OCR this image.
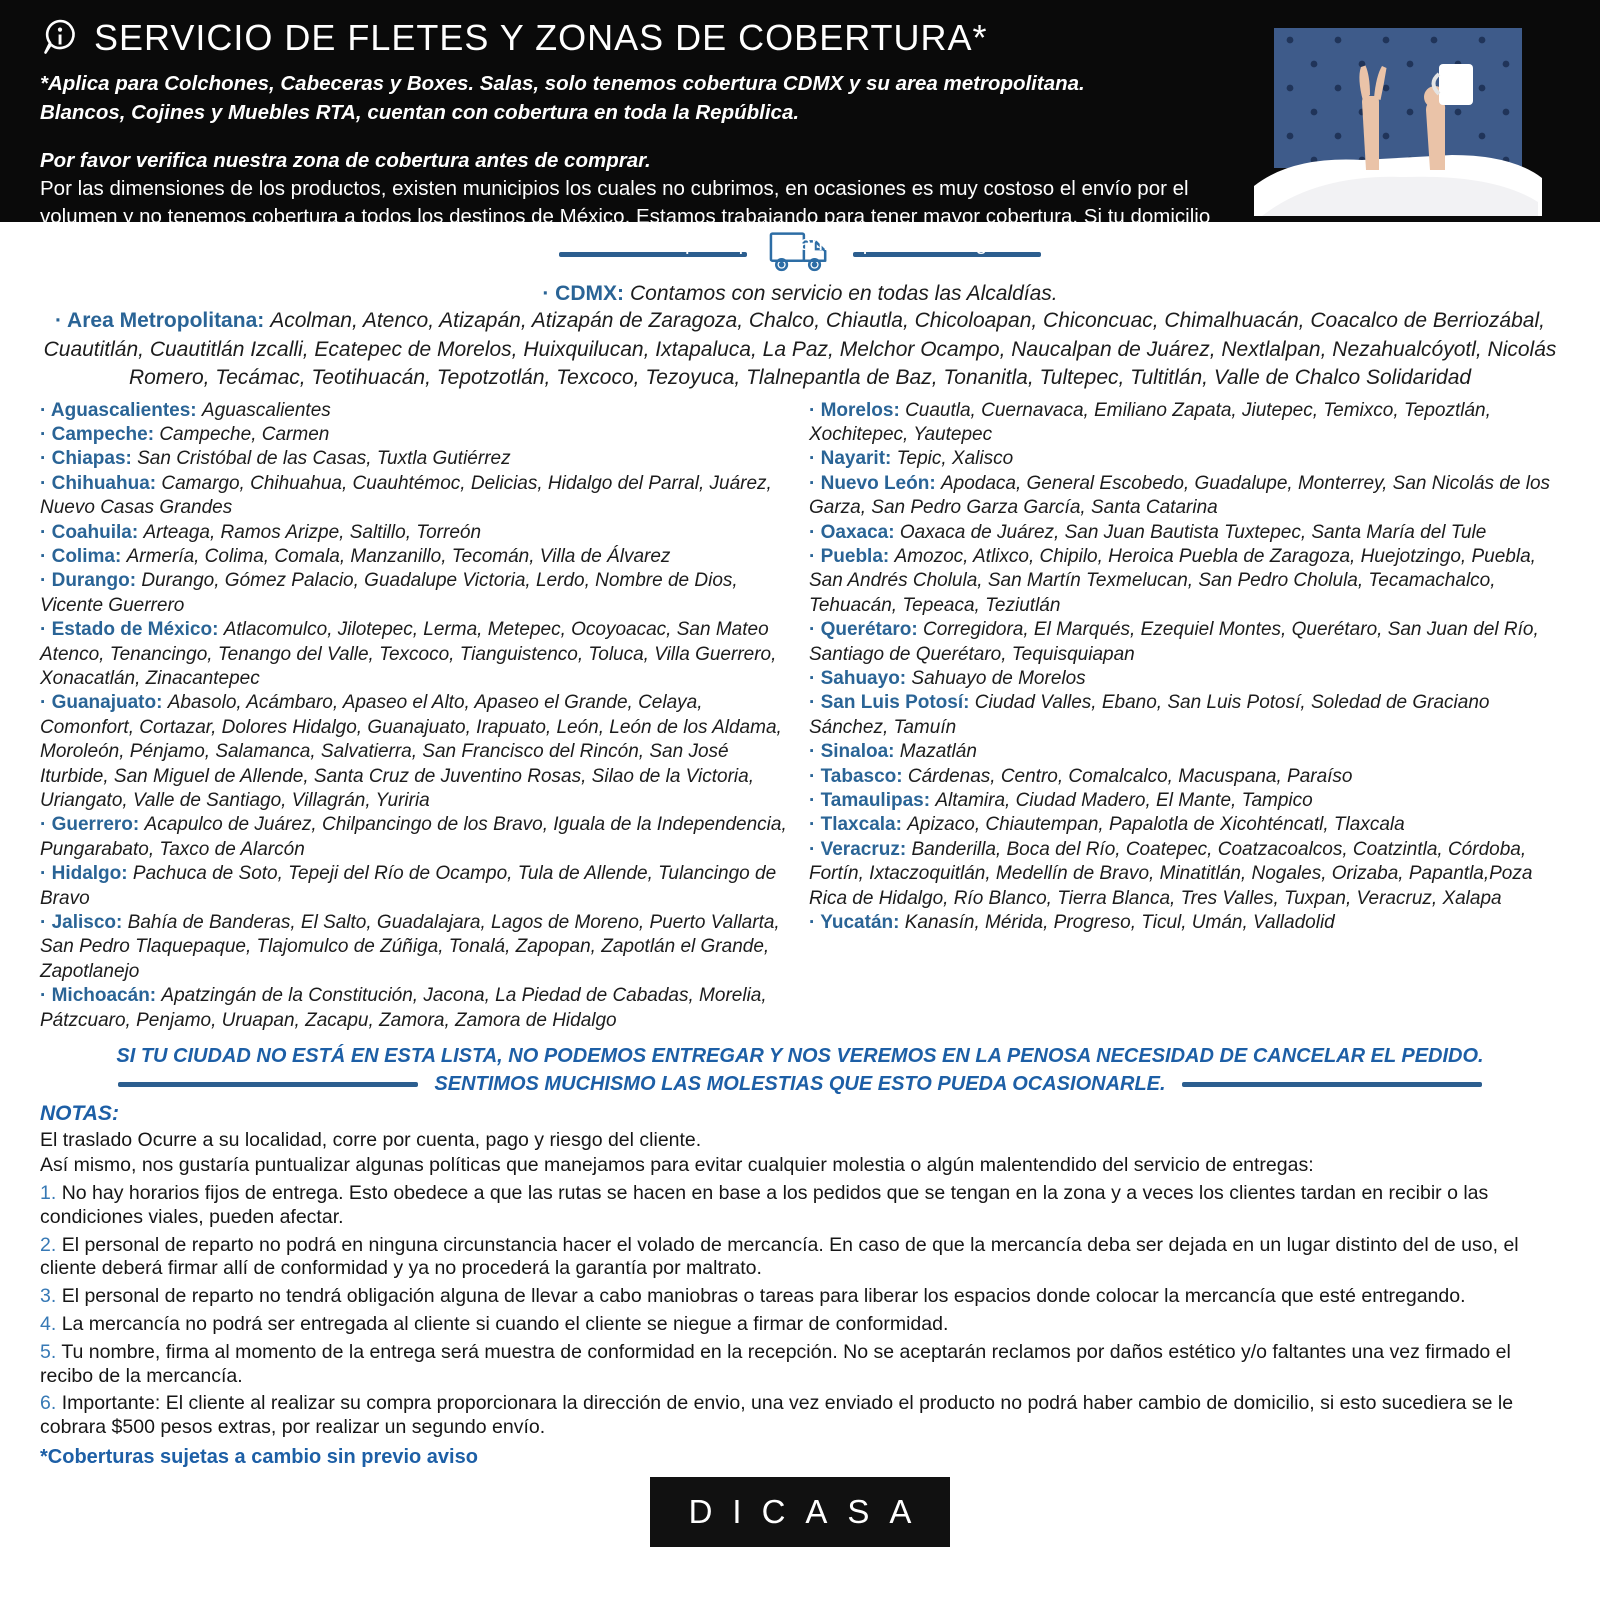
SERVICIO DE FLETES Y ZONAS DE COBERTURA*

*Aplica para Colchones, Cabeceras y Boxes. Salas, solo tenemos cobertura CDMX y su area metropolitana.

Blancos, Cojines y Muebles RTA, cuentan con cobertura en toda la República.

Por favor verifica nuestra zona de cobertura antes de comprar.

Por las dimensiones de los productos, existen municipios los cuales no cubrimos, en ocasiones es muy costoso el envío por el volumen y no tenemos cobertura a todos los destinos de México. Estamos trabajando para tener mayor cobertura. Si tu domicilio no se encuentra en la lista, lo podemos llevar a la ciudad más cercana para que de ahí, tú puedas recoger la mercancía. Esto se llama servicio Ocurre.

· CDMX: Contamos con servicio en todas las Alcaldías.

· Area Metropolitana: Acolman, Atenco, Atizapán, Atizapán de Zaragoza, Chalco, Chiautla, Chicoloapan, Chiconcuac, Chimalhuacán, Coacalco de Berriozábal, Cuautitlán, Cuautitlán Izcalli, Ecatepec de Morelos, Huixquilucan, Ixtapaluca, La Paz, Melchor Ocampo, Naucalpan de Juárez, Nextlalpan, Nezahualcóyotl, Nicolás Romero, Tecámac, Teotihuacán, Tepotzotlán, Texcoco, Tezoyuca, Tlalnepantla de Baz, Tonanitla, Tultepec, Tultitlán, Valle de Chalco Solidaridad

· Aguascalientes: Aguascalientes
· Campeche: Campeche, Carmen
· Chiapas: San Cristóbal de las Casas, Tuxtla Gutiérrez
· Chihuahua: Camargo, Chihuahua, Cuauhtémoc, Delicias, Hidalgo del Parral, Juárez, Nuevo Casas Grandes
· Coahuila: Arteaga, Ramos Arizpe, Saltillo, Torreón
· Colima: Armería, Colima, Comala, Manzanillo, Tecomán, Villa de Álvarez
· Durango: Durango, Gómez Palacio, Guadalupe Victoria, Lerdo, Nombre de Dios, Vicente Guerrero
· Estado de México: Atlacomulco, Jilotepec, Lerma, Metepec, Ocoyoacac, San Mateo Atenco, Tenancingo, Tenango del Valle, Texcoco, Tianguistenco, Toluca, Villa Guerrero, Xonacatlán, Zinacantepec
· Guanajuato: Abasolo, Acámbaro, Apaseo el Alto, Apaseo el Grande, Celaya, Comonfort, Cortazar, Dolores Hidalgo, Guanajuato, Irapuato, León, León de los Aldama, Moroleón, Pénjamo, Salamanca, Salvatierra, San Francisco del Rincón, San José Iturbide, San Miguel de Allende, Santa Cruz de Juventino Rosas, Silao de la Victoria, Uriangato, Valle de Santiago, Villagrán, Yuriria
· Guerrero: Acapulco de Juárez, Chilpancingo de los Bravo, Iguala de la Independencia, Pungarabato, Taxco de Alarcón
· Hidalgo: Pachuca de Soto, Tepeji del Río de Ocampo, Tula de Allende, Tulancingo de Bravo
· Jalisco: Bahía de Banderas, El Salto, Guadalajara, Lagos de Moreno, Puerto Vallarta, San Pedro Tlaquepaque, Tlajomulco de Zúñiga, Tonalá, Zapopan, Zapotlán el Grande, Zapotlanejo
· Michoacán: Apatzingán de la Constitución, Jacona, La Piedad de Cabadas, Morelia, Pátzcuaro, Penjamo, Uruapan, Zacapu, Zamora, Zamora de Hidalgo
· Morelos: Cuautla, Cuernavaca, Emiliano Zapata, Jiutepec, Temixco, Tepoztlán, Xochitepec, Yautepec
· Nayarit: Tepic, Xalisco
· Nuevo León: Apodaca, General Escobedo, Guadalupe, Monterrey, San Nicolás de los Garza, San Pedro Garza García, Santa Catarina
· Oaxaca: Oaxaca de Juárez, San Juan Bautista Tuxtepec, Santa María del Tule
· Puebla: Amozoc, Atlixco, Chipilo, Heroica Puebla de Zaragoza, Huejotzingo, Puebla, San Andrés Cholula, San Martín Texmelucan, San Pedro Cholula, Tecamachalco, Tehuacán, Tepeaca, Teziutlán
· Querétaro: Corregidora, El Marqués, Ezequiel Montes, Querétaro, San Juan del Río, Santiago de Querétaro, Tequisquiapan
· Sahuayo: Sahuayo de Morelos
· San Luis Potosí: Ciudad Valles, Ebano, San Luis Potosí, Soledad de Graciano Sánchez, Tamuín
· Sinaloa: Mazatlán
· Tabasco: Cárdenas, Centro, Comalcalco, Macuspana, Paraíso
· Tamaulipas: Altamira, Ciudad Madero, El Mante, Tampico
· Tlaxcala: Apizaco, Chiautempan, Papalotla de Xicohténcatl, Tlaxcala
· Veracruz: Banderilla, Boca del Río, Coatepec, Coatzacoalcos, Coatzintla, Córdoba, Fortín, Ixtaczoquitlán, Medellín de Bravo, Minatitlán, Nogales, Orizaba, Papantla,Poza Rica de Hidalgo, Río Blanco, Tierra Blanca, Tres Valles, Tuxpan, Veracruz, Xalapa
· Yucatán: Kanasín, Mérida, Progreso, Ticul, Umán, Valladolid

SI TU CIUDAD NO ESTÁ EN ESTA LISTA, NO PODEMOS ENTREGAR Y NOS VEREMOS EN LA PENOSA NECESIDAD DE CANCELAR EL PEDIDO.

SENTIMOS MUCHISMO LAS MOLESTIAS QUE ESTO PUEDA OCASIONARLE.

NOTAS:

El traslado Ocurre a su localidad, corre por cuenta, pago y riesgo del cliente.

Así mismo, nos gustaría puntualizar algunas políticas que manejamos para evitar cualquier molestia o algún malentendido del servicio de entregas:

1. No hay horarios fijos de entrega. Esto obedece a que las rutas se hacen en base a los pedidos que se tengan en la zona y a veces los clientes tardan en recibir o las condiciones viales, pueden afectar.

2. El personal de reparto no podrá en ninguna circunstancia hacer el volado de mercancía. En caso de que la mercancía deba ser dejada en un lugar distinto del de uso, el cliente deberá firmar allí de conformidad y ya no procederá la garantía por maltrato.

3. El personal de reparto no tendrá obligación alguna de llevar a cabo maniobras o tareas para liberar los espacios donde colocar la mercancía que esté entregando.

4. La mercancía no podrá ser entregada al cliente si cuando el cliente se niegue a firmar de conformidad.

5. Tu nombre, firma al momento de la entrega será muestra de conformidad en la recepción. No se aceptarán reclamos por daños estético y/o faltantes una vez firmado el recibo de la mercancía.

6. Importante: El cliente al realizar su compra proporcionara la dirección de envio, una vez enviado el producto no podrá haber cambio de domicilio, si esto sucediera se le cobrara $500 pesos extras, por realizar un segundo envío.

*Coberturas sujetas a cambio sin previo aviso

DICASA
